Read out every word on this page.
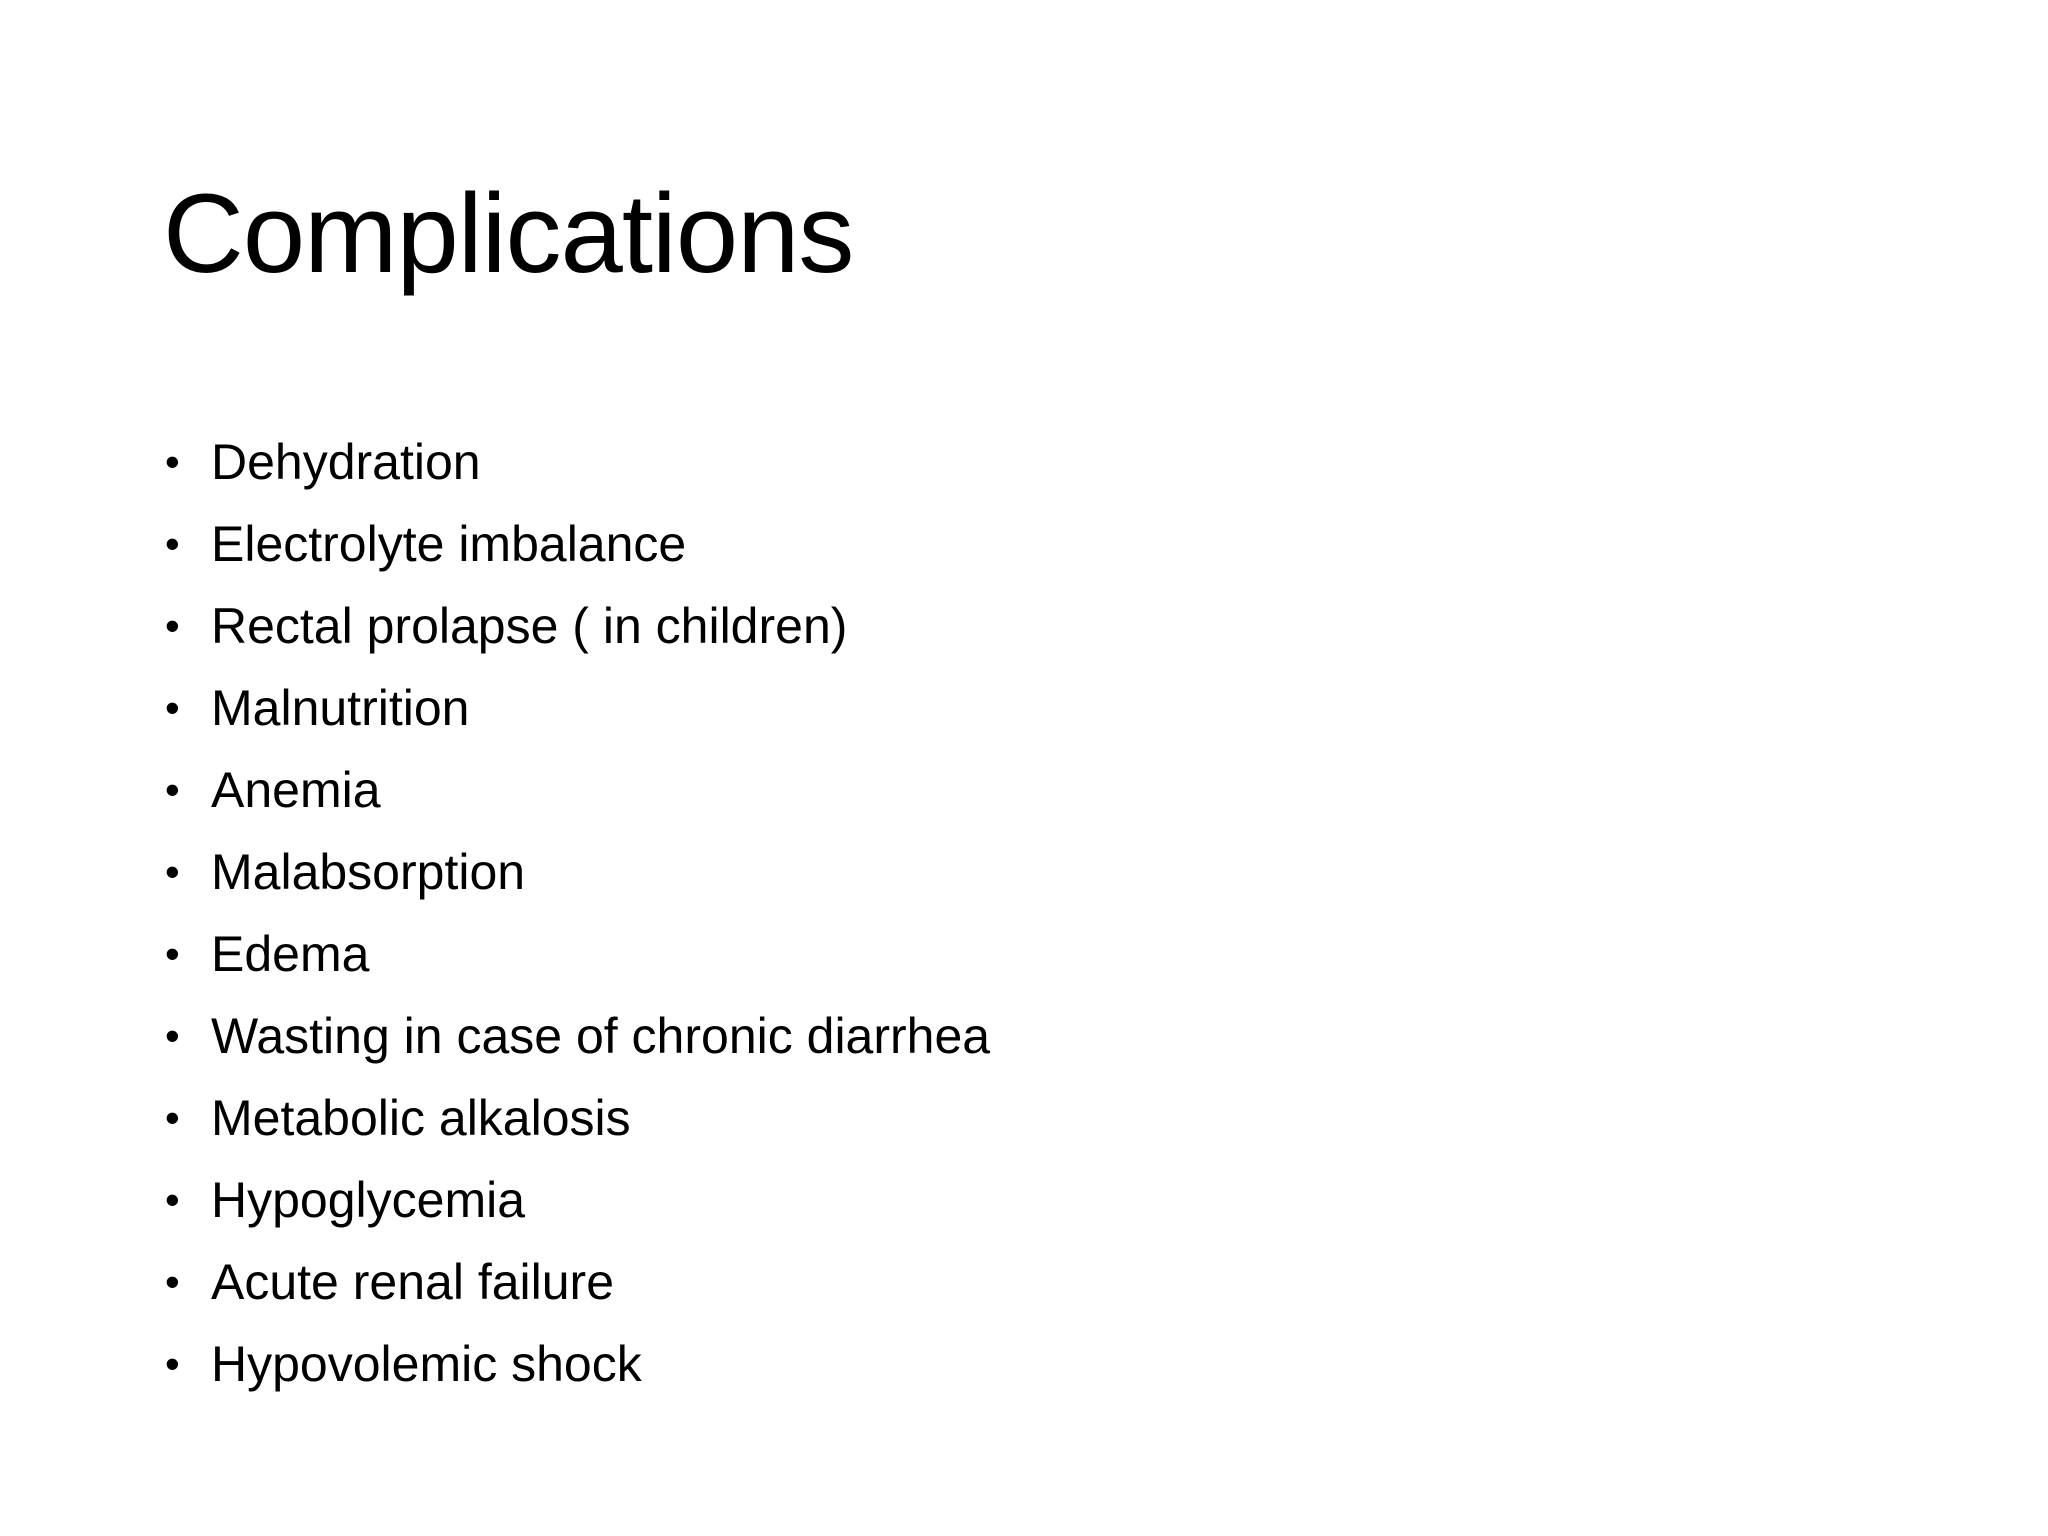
Complications
• Dehydration
• Electrolyte imbalance
• Rectal prolapse ( in children)
• Malnutrition
• Anemia
• Malabsorption
• Edema
• Wasting in case of chronic diarrhea
• Metabolic alkalosis
• Hypoglycemia
• Acute renal failure
• Hypovolemic shock
